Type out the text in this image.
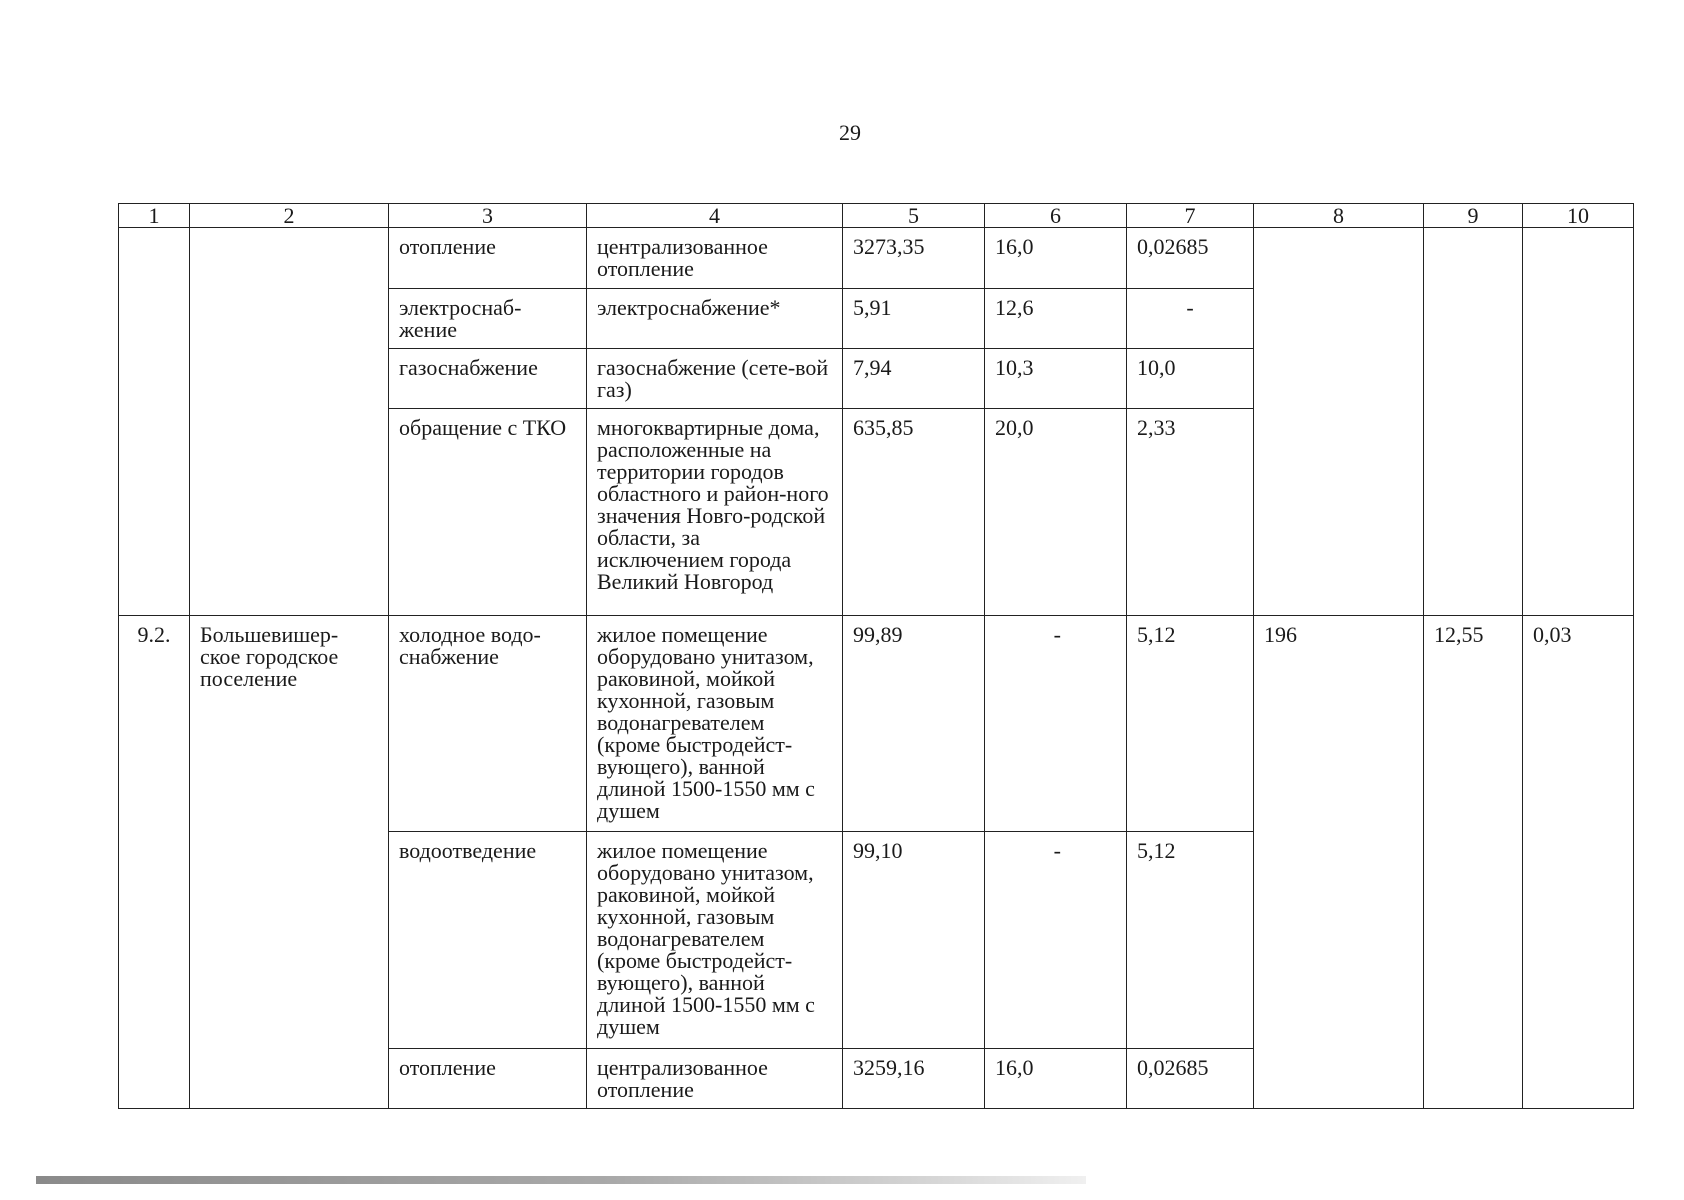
29
1	2	3	4	5	6	7	8	9	10
		отопление	централизованное отопление	3273,35	16,0	0,02685			
		электроснаб-жение	электроснабжение*	5,91	12,6	-			
		газоснабжение	газоснабжение (сете-вой газ)	7,94	10,3	10,0			
		обращение с ТКО	многоквартирные дома, расположенные на территории городов областного и район-ного значения Новго-родской области, за исключением города Великий Новгород	635,85	20,0	2,33			
9.2.	Большевишер-ское городское поселение	холодное водо-снабжение	жилое помещение оборудовано унитазом, раковиной, мойкой кухонной, газовым водонагревателем (кроме быстродейст-вующего), ванной длиной 1500-1550 мм с душем	99,89	-	5,12	196	12,55	0,03
		водоотведение	жилое помещение оборудовано унитазом, раковиной, мойкой кухонной, газовым водонагревателем (кроме быстродейст-вующего), ванной длиной 1500-1550 мм с душем	99,10	-	5,12			
		отопление	централизованное отопление	3259,16	16,0	0,02685			
